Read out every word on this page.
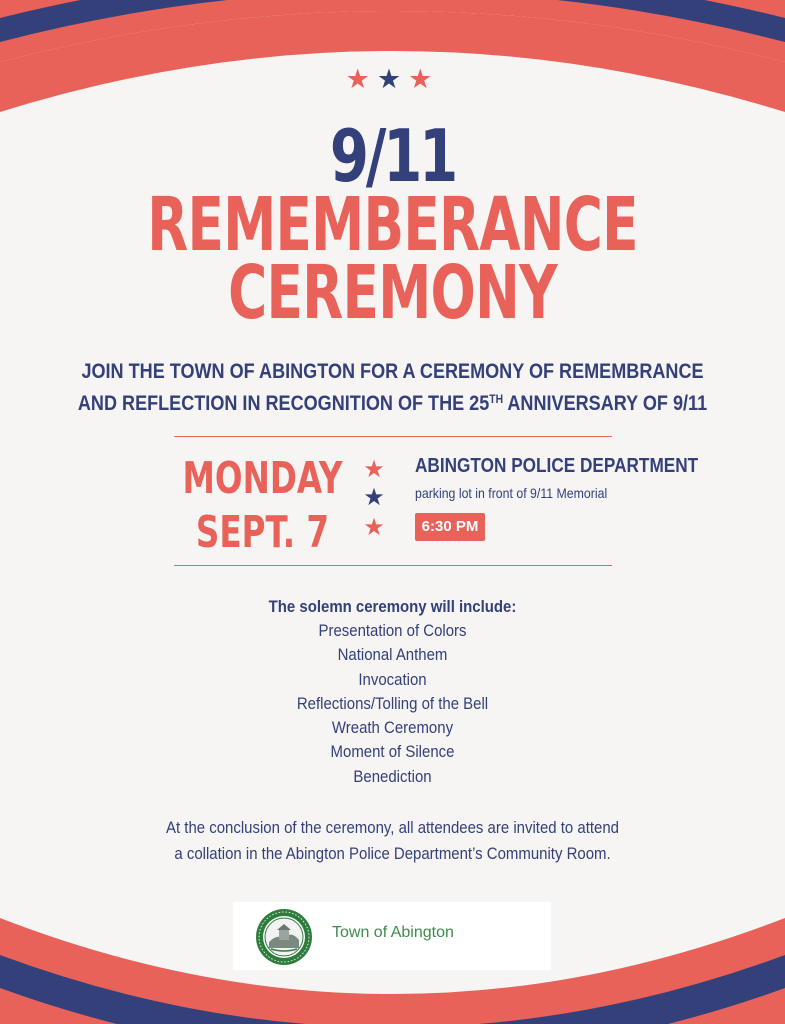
★★★
9/11
REMEMBERANCE
CEREMONY
JOIN THE TOWN OF ABINGTON FOR A CEREMONY OF REMEMBRANCE
AND REFLECTION IN RECOGNITION OF THE 25TH ANNIVERSARY OF 9/11
MONDAY
SEPT. 7
★
★
★
ABINGTON POLICE DEPARTMENT
parking lot in front of 9/11 Memorial
6:30 PM
The solemn ceremony will include:
Presentation of Colors
National Anthem
Invocation
Reflections/Tolling of the Bell
Wreath Ceremony
Moment of Silence
Benediction
At the conclusion of the ceremony, all attendees are invited to attend
a collation in the Abington Police Department’s Community Room.
Town of Abington
